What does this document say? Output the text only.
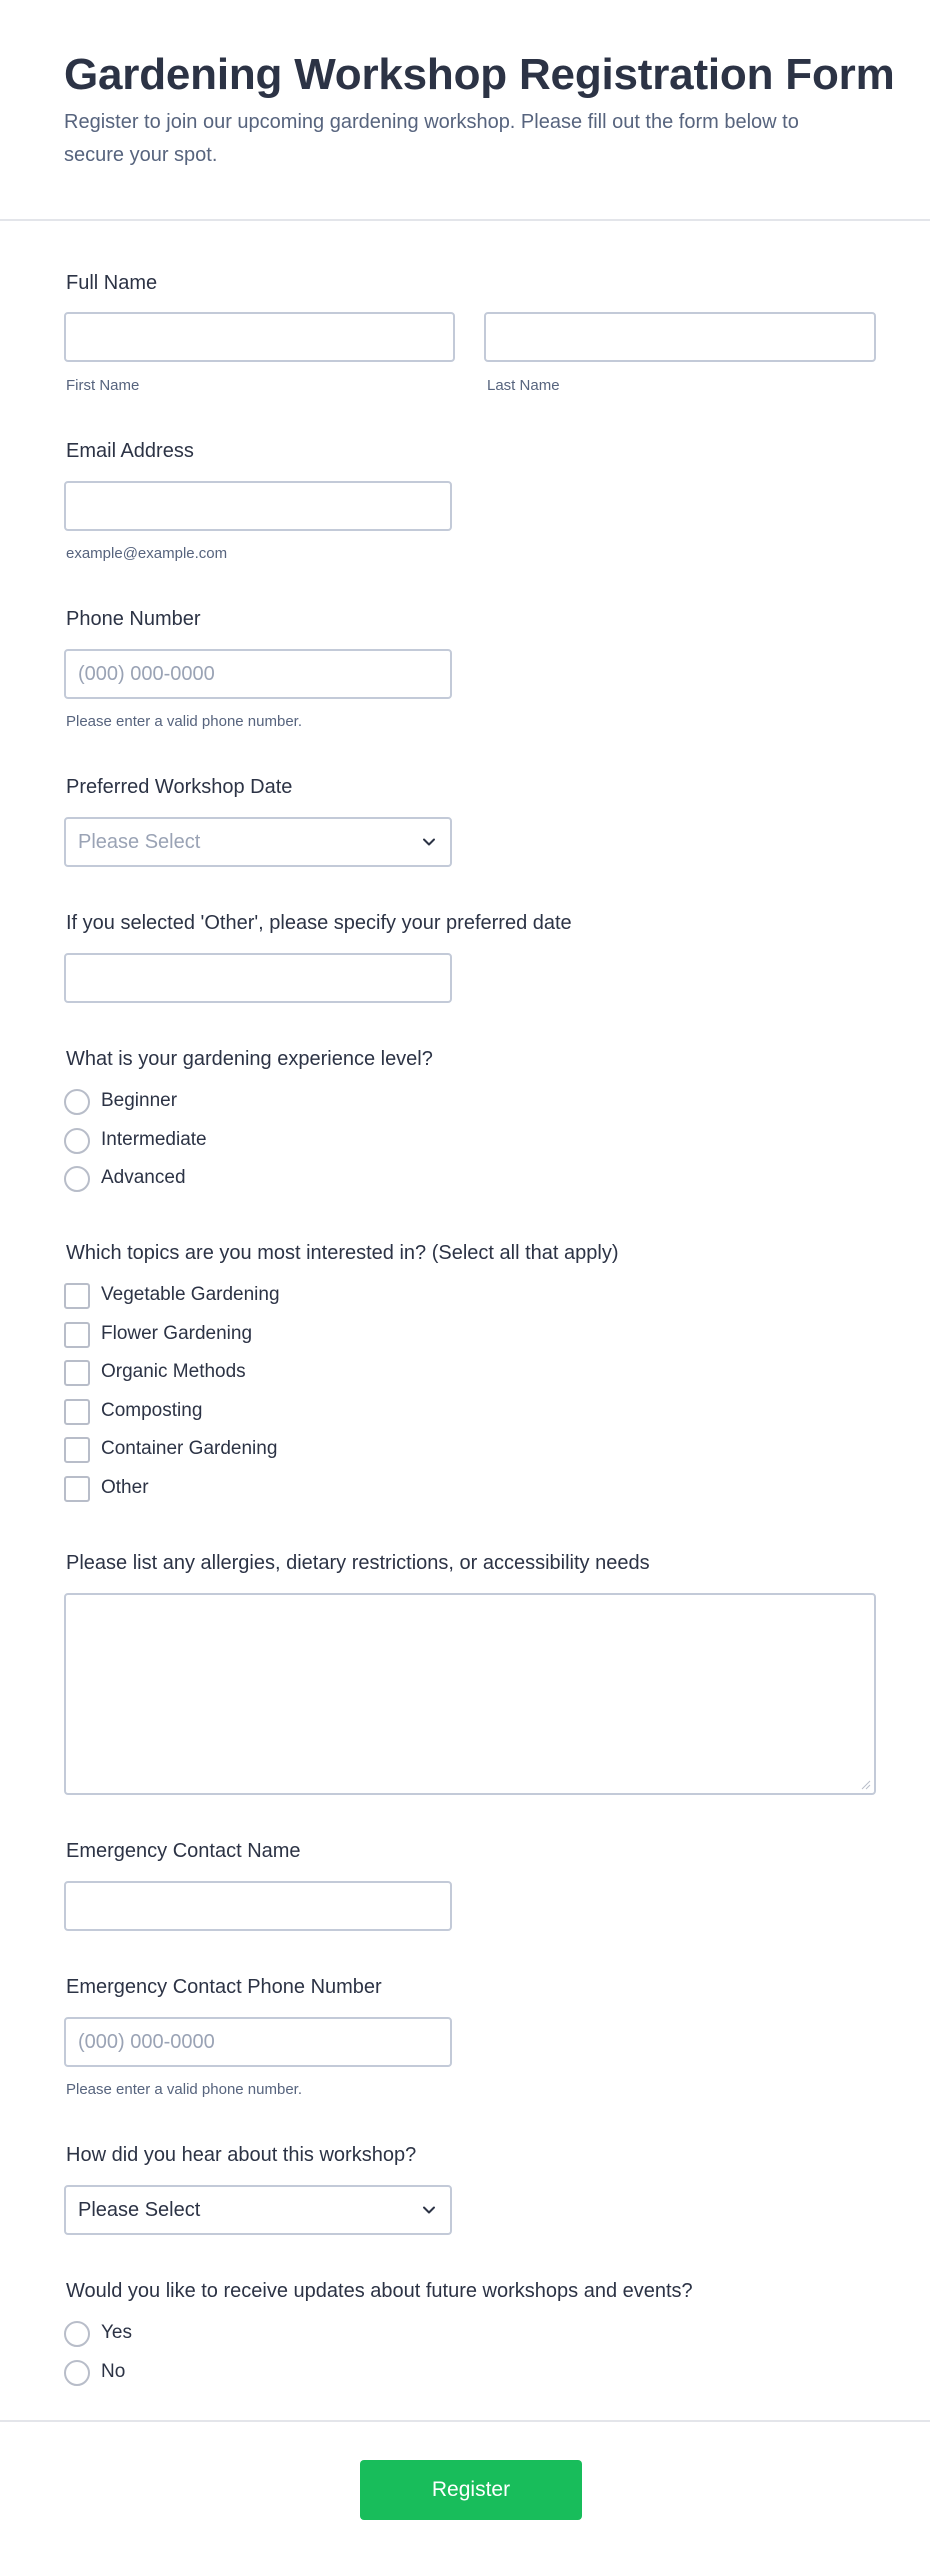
Gardening Workshop Registration Form

Register to join our upcoming gardening workshop. Please fill out the form below to secure your spot.

Full Name
First Name	Last Name
Email Address
example@example.com
Phone Number
(000) 000-0000
Please enter a valid phone number.
Preferred Workshop Date
Please Select
If you selected 'Other', please specify your preferred date
What is your gardening experience level?
Beginner
Intermediate
Advanced
Which topics are you most interested in? (Select all that apply)
Vegetable Gardening
Flower Gardening
Organic Methods
Composting
Container Gardening
Other
Please list any allergies, dietary restrictions, or accessibility needs
Emergency Contact Name
Emergency Contact Phone Number
(000) 000-0000
Please enter a valid phone number.
How did you hear about this workshop?
Please Select
Would you like to receive updates about future workshops and events?
Yes
No
Register
